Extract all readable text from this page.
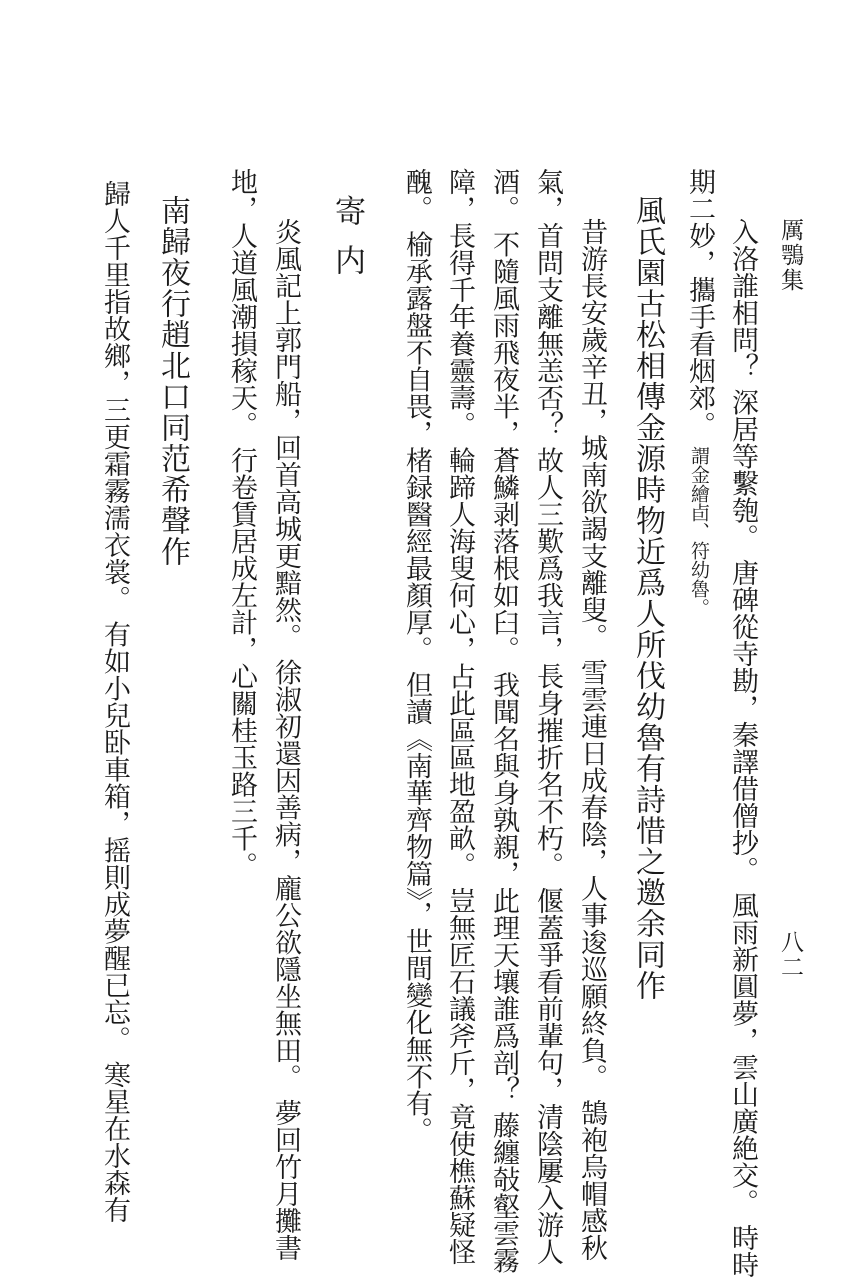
厲鶚集
八二
入洛誰相問？ 深居等繫匏。 唐碑從寺勘，秦譯借僧抄。 風雨新圓夢，雲山廣絶交。 時時
期二妙，攜手看烟郊。謂金繪卣、符幼魯。
風氏園古松相傳金源時物近爲人所伐幼魯有詩惜之邀余同作
昔游長安歲辛丑，城南欲謁支離叟。 雪雲連日成春陰，人事逡巡願終負。 鵠袍烏帽感秋
氣，首問支離無恙否？ 故人三歎爲我言，長身摧折名不朽。 偃蓋爭看前輩句，清陰屢入游人
酒。 不隨風雨飛夜半，蒼鱗剥落根如臼。 我聞名與身孰親，此理天壤誰爲剖？ 藤纏敧壑雲霧
障，長得千年養靈壽。 輪蹄人海叟何心，占此區區地盈畝。 豈無匠石議斧斤，竟使樵蘇疑怪
醜。 榆承露盤不自畏，楮録醫經最顏厚。 但讀《南華齊物篇》，世間變化無不有。
寄内
炎風記上郭門船，回首高城更黯然。 徐淑初還因善病，龐公欲隱坐無田。 夢回竹月攤書
地，人道風潮損稼天。 行卷賃居成左計，心關桂玉路三千。
南歸夜行趙北口同范希聲作
歸人千里指故鄉，三更霜霧濡衣裳。 有如小兒卧車箱，摇則成夢醒已忘。 寒星在水森有
